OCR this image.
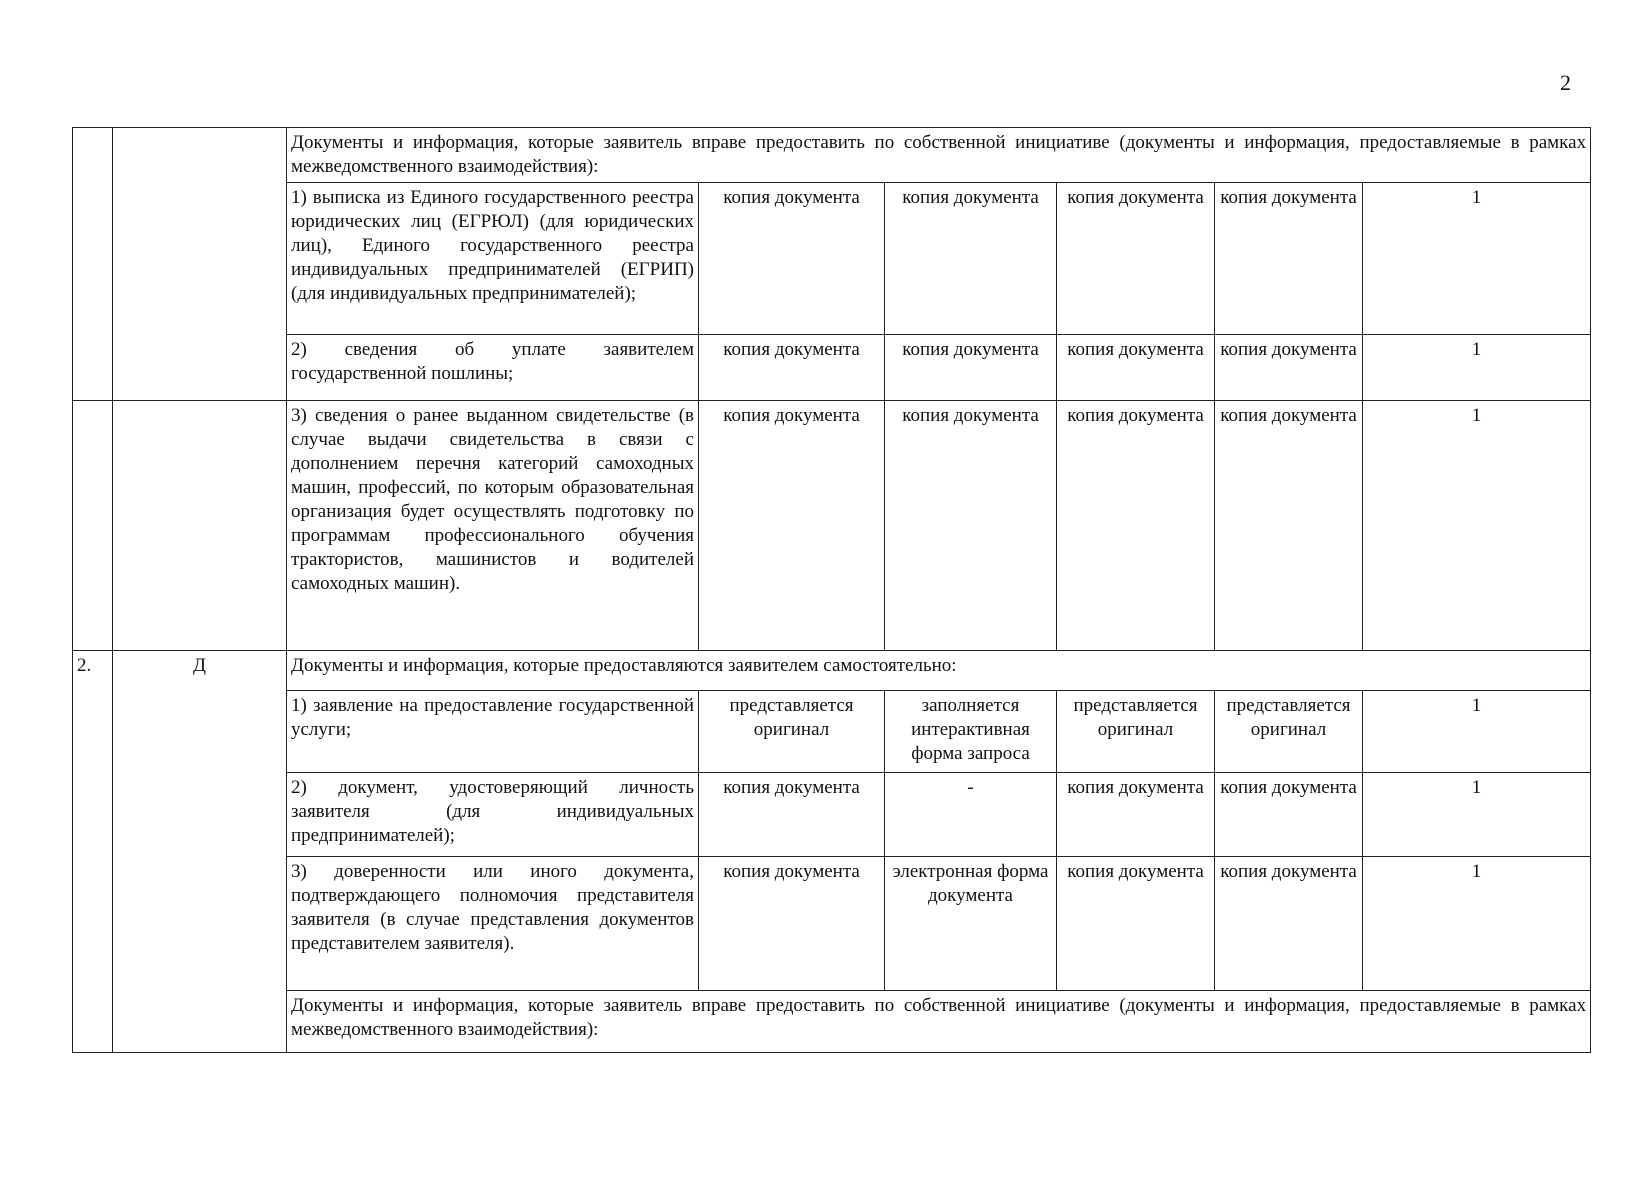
2
		Документы и информация, которые заявитель вправе предоставить по собственной инициативе (документы и информация, предоставляемые в рамках межведомственного взаимодействия):					
		1) выписка из Единого государственного реестра юридических лиц (ЕГРЮЛ) (для юридических лиц), Единого государственного реестра индивидуальных предпринимателей (ЕГРИП) (для индивидуальных предпринимателей);	копия документа	копия документа	копия документа	копия документа	1
		2) сведения об уплате заявителем государственной пошлины;	копия документа	копия документа	копия документа	копия документа	1
		3) сведения о ранее выданном свидетельстве (в случае выдачи свидетельства в связи с дополнением перечня категорий самоходных машин, профессий, по которым образовательная организация будет осуществлять подготовку по программам профессионального обучения трактористов, машинистов и водителей самоходных машин).	копия документа	копия документа	копия документа	копия документа	1
2.	Д	Документы и информация, которые предоставляются заявителем самостоятельно:					
		1) заявление на предоставление государственной услуги;	представляется оригинал	заполняется интерактивная форма запроса	представляется оригинал	представляется оригинал	1
		2) документ, удостоверяющий личность заявителя (для индивидуальных предпринимателей);	копия документа	-	копия документа	копия документа	1
		3) доверенности или иного документа, подтверждающего полномочия представителя заявителя (в случае представления документов представителем заявителя).	копия документа	электронная форма документа	копия документа	копия документа	1
		Документы и информация, которые заявитель вправе предоставить по собственной инициативе (документы и информация, предоставляемые в рамках межведомственного взаимодействия):					
